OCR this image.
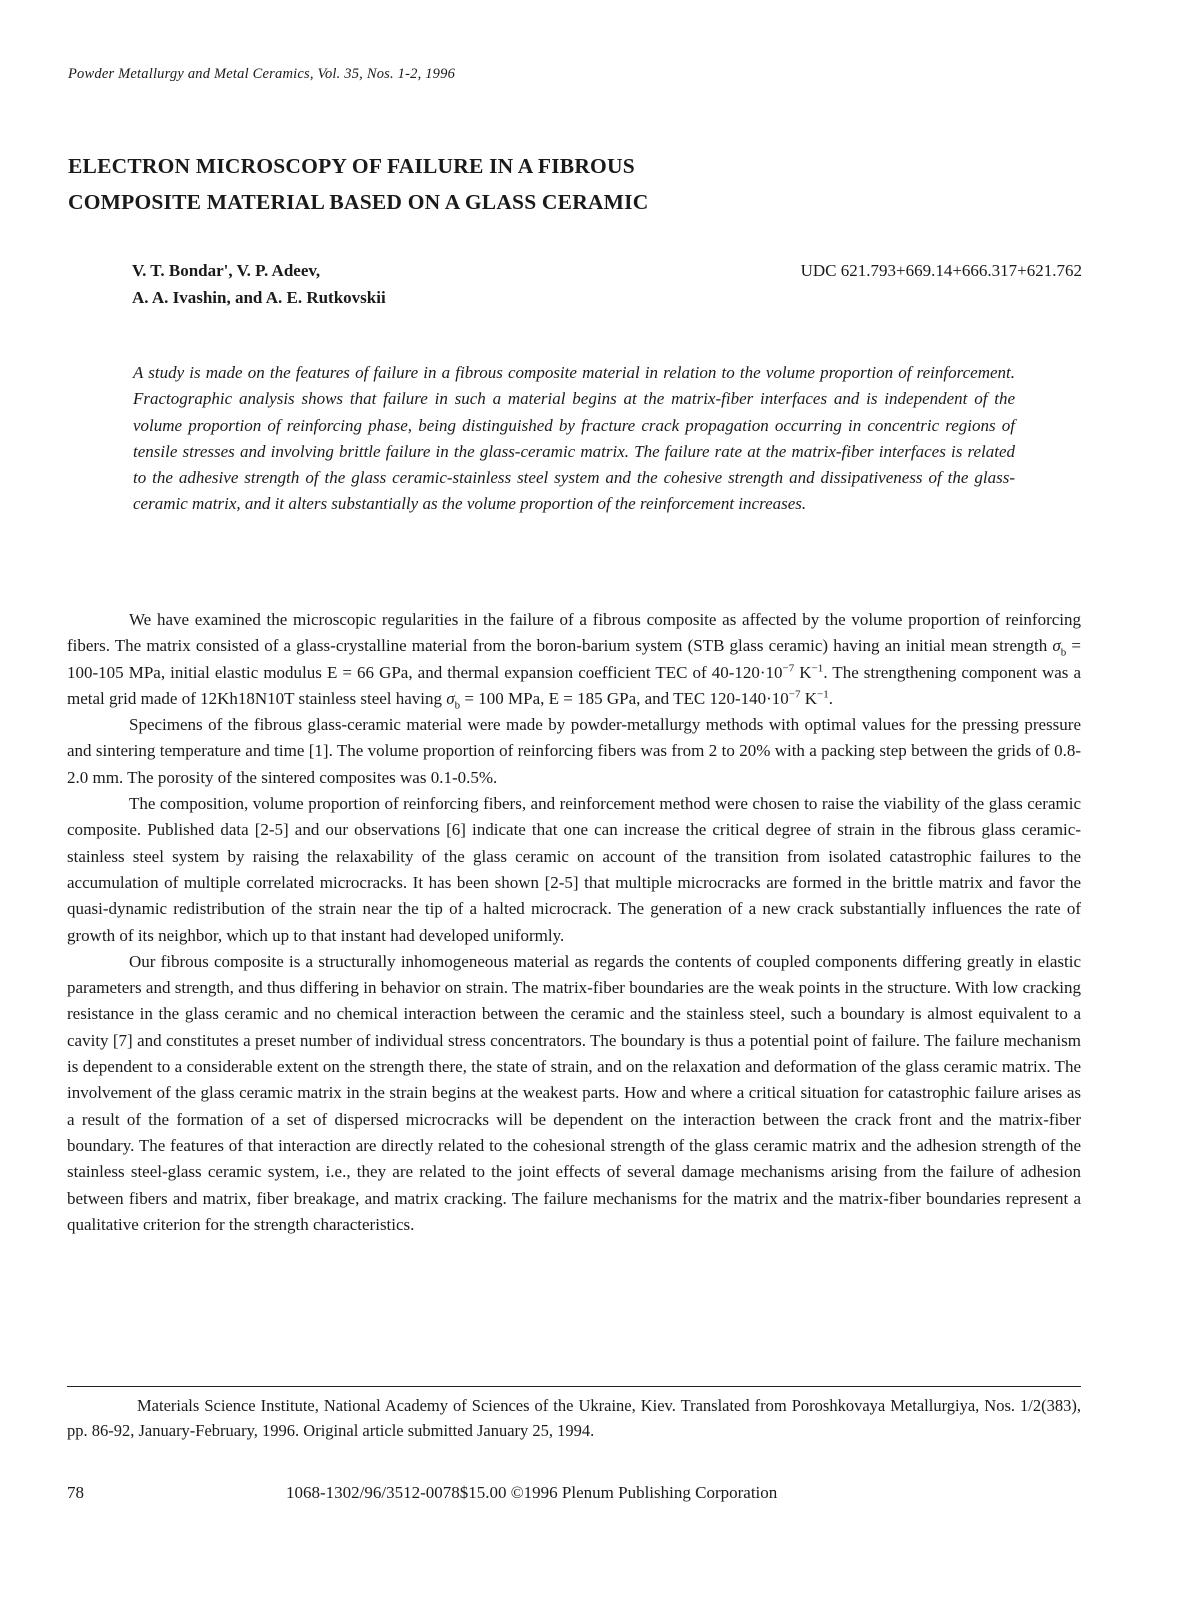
Powder Metallurgy and Metal Ceramics, Vol. 35, Nos. 1-2, 1996
ELECTRON MICROSCOPY OF FAILURE IN A FIBROUS
COMPOSITE MATERIAL BASED ON A GLASS CERAMIC
V. T. Bondar', V. P. Adeev,
A. A. Ivashin, and A. E. Rutkovskii
UDC 621.793+669.14+666.317+621.762
A study is made on the features of failure in a fibrous composite material in relation to the volume proportion of reinforcement. Fractographic analysis shows that failure in such a material begins at the matrix-fiber interfaces and is independent of the volume proportion of reinforcing phase, being distinguished by fracture crack propagation occurring in concentric regions of tensile stresses and involving brittle failure in the glass-ceramic matrix. The failure rate at the matrix-fiber interfaces is related to the adhesive strength of the glass ceramic-stainless steel system and the cohesive strength and dissipativeness of the glass-ceramic matrix, and it alters substantially as the volume proportion of the reinforcement increases.

We have examined the microscopic regularities in the failure of a fibrous composite as affected by the volume proportion of reinforcing fibers. The matrix consisted of a glass-crystalline material from the boron-barium system (STB glass ceramic) having an initial mean strength $\sigma_b = 100-105$ MPa, initial elastic modulus E = 66 GPa, and thermal expansion coefficient TEC of $40-120\cdot 10^{-7}$ $K^{-1}$. The strengthening component was a metal grid made of 12Kh18N10T stainless steel having $\sigma_b = 100$ MPa, E = 185 GPa, and TEC $120-140\cdot 10^{-7}$ $K^{-1}$.

Specimens of the fibrous glass-ceramic material were made by powder-metallurgy methods with optimal values for the pressing pressure and sintering temperature and time [1]. The volume proportion of reinforcing fibers was from 2 to 20% with a packing step between the grids of 0.8-2.0 mm. The porosity of the sintered composites was 0.1-0.5%.

The composition, volume proportion of reinforcing fibers, and reinforcement method were chosen to raise the viability of the glass ceramic composite. Published data [2-5] and our observations [6] indicate that one can increase the critical degree of strain in the fibrous glass ceramic-stainless steel system by raising the relaxability of the glass ceramic on account of the transition from isolated catastrophic failures to the accumulation of multiple correlated microcracks. It has been shown [2-5] that multiple microcracks are formed in the brittle matrix and favor the quasi-dynamic redistribution of the strain near the tip of a halted microcrack. The generation of a new crack substantially influences the rate of growth of its neighbor, which up to that instant had developed uniformly.

Our fibrous composite is a structurally inhomogeneous material as regards the contents of coupled components differing greatly in elastic parameters and strength, and thus differing in behavior on strain. The matrix-fiber boundaries are the weak points in the structure. With low cracking resistance in the glass ceramic and no chemical interaction between the ceramic and the stainless steel, such a boundary is almost equivalent to a cavity [7] and constitutes a preset number of individual stress concentrators. The boundary is thus a potential point of failure. The failure mechanism is dependent to a considerable extent on the strength there, the state of strain, and on the relaxation and deformation of the glass ceramic matrix. The involvement of the glass ceramic matrix in the strain begins at the weakest parts. How and where a critical situation for catastrophic failure arises as a result of the formation of a set of dispersed microcracks will be dependent on the interaction between the crack front and the matrix-fiber boundary. The features of that interaction are directly related to the cohesional strength of the glass ceramic matrix and the adhesion strength of the stainless steel-glass ceramic system, i.e., they are related to the joint effects of several damage mechanisms arising from the failure of adhesion between fibers and matrix, fiber breakage, and matrix cracking. The failure mechanisms for the matrix and the matrix-fiber boundaries represent a qualitative criterion for the strength characteristics.

Materials Science Institute, National Academy of Sciences of the Ukraine, Kiev. Translated from Poroshkovaya Metallurgiya, Nos. 1/2(383), pp. 86-92, January-February, 1996. Original article submitted January 25, 1994.
78	1068-1302/96/3512-0078$15.00 ©1996 Plenum Publishing Corporation
